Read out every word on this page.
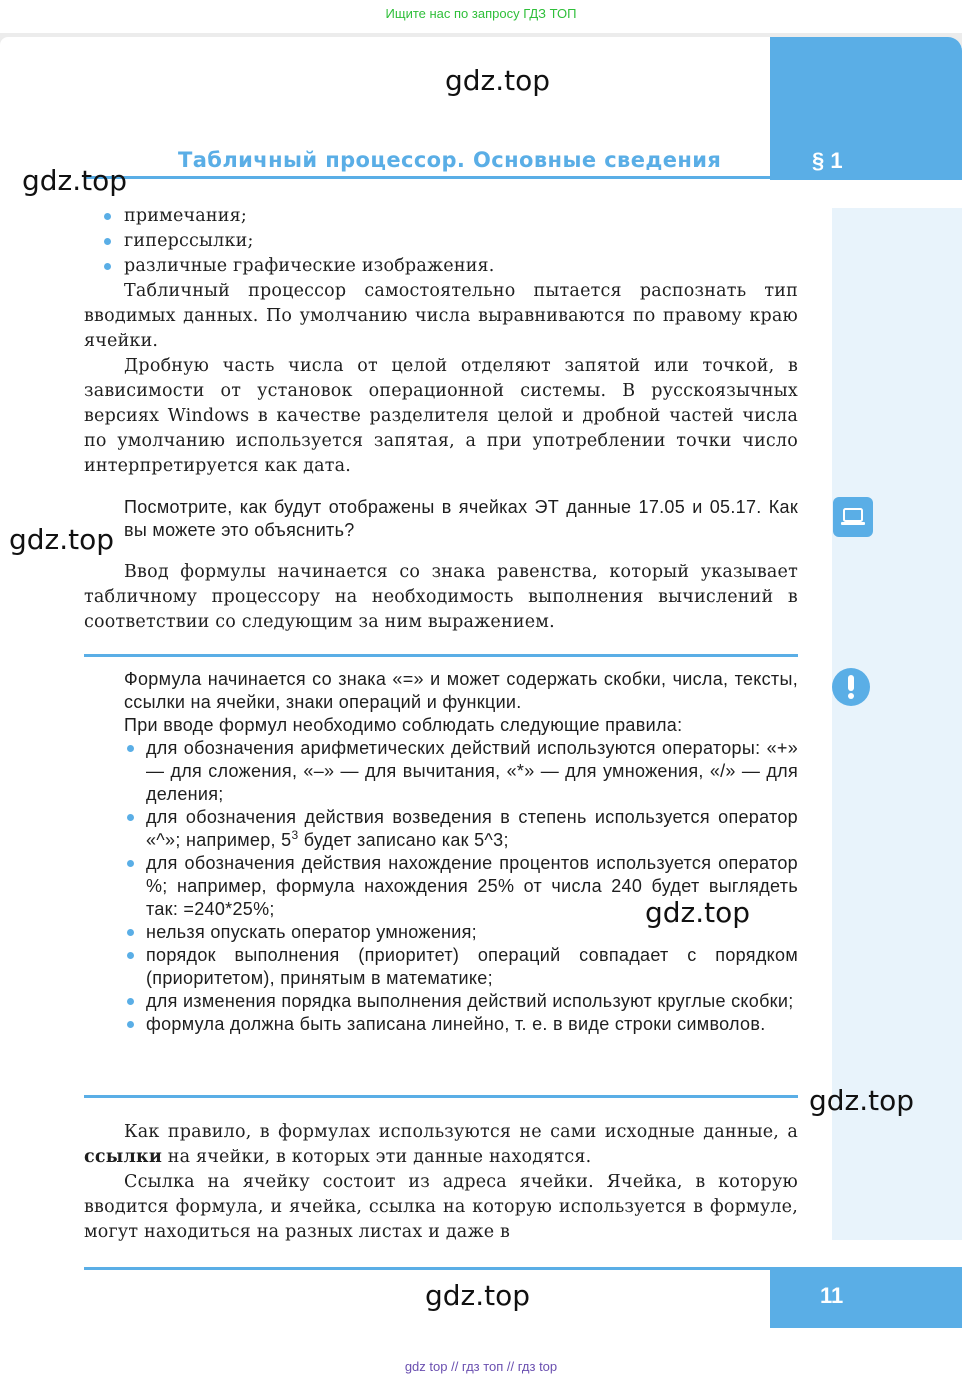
Ищите нас по запросу ГДЗ ТОП
§ 1
Табличный процессор. Основные сведения
gdz.top
gdz.top
gdz.top

примечания;

гиперссылки;

различные графические изображения.

Табличный процессор самостоятельно пытается распознать тип вводимых данных. По умолчанию числа выравниваются по правому краю ячейки.

Дробную часть числа от целой отделяют запятой или точкой, в зависимости от установок операционной системы. В русскоязычных версиях Windows в качестве разделителя целой и дробной частей числа по умолчанию используется запятая, а при употреблении точки число интерпретируется как дата.

Посмотрите, как будут отображены в ячейках ЭТ данные 17.05 и 05.17. Как вы можете это объяснить?

Ввод формулы начинается со знака равенства, который указывает табличному процессору на необходимость выполнения вычислений в соответствии со следующим за ним выражением.

Формула начинается со знака «=» и может содержать скобки, числа, тексты, ссылки на ячейки, знаки операций и функции.

При вводе формул необходимо соблюдать следующие правила:

для обозначения арифметических действий используются операторы: «+» — для сложения, «–» — для вычитания, «*» — для умножения, «/» — для деления;

для обозначения действия возведения в степень используется оператор «^»; например, $5^3$ будет записано как 5^3;

для обозначения действия нахождение процентов используется оператор %; например, формула нахождения 25% от числа 240 будет выглядеть так: =240*25%;

нельзя опускать оператор умножения;

порядок выполнения (приоритет) операций совпадает с порядком (приоритетом), принятым в математике;

для изменения порядка выполнения действий используют круглые скобки;

формула должна быть записана линейно, т. е. в виде строки символов.

gdz.top
gdz.top

Как правило, в формулах используются не сами исходные данные, а ссылки на ячейки, в которых эти данные находятся.

Ссылка на ячейку состоит из адреса ячейки. Ячейка, в которую вводится формула, и ячейка, ссылка на которую используется в формуле, могут находиться на разных листах и даже в

11
gdz.top
gdz top // гдз топ // гдз top
